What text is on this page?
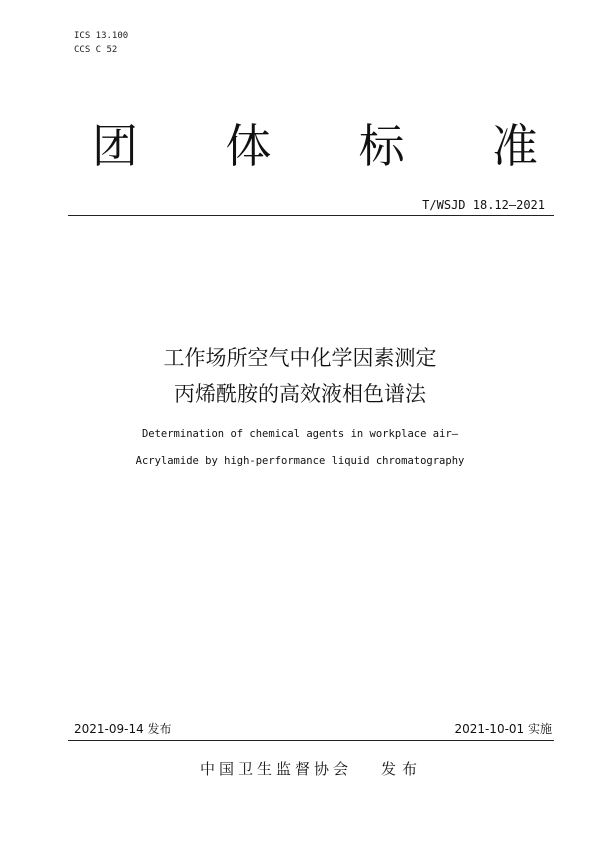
ICS 13.100
CCS C 52
团 体 标 准
T/WSJD 18.12—2021
工作场所空气中化学因素测定
丙烯酰胺的高效液相色谱法
Determination of chemical agents in workplace air—
Acrylamide by high-performance liquid chromatography
2021-09-14 发布	2021-10-01 实施
中国卫生监督协会 发布
